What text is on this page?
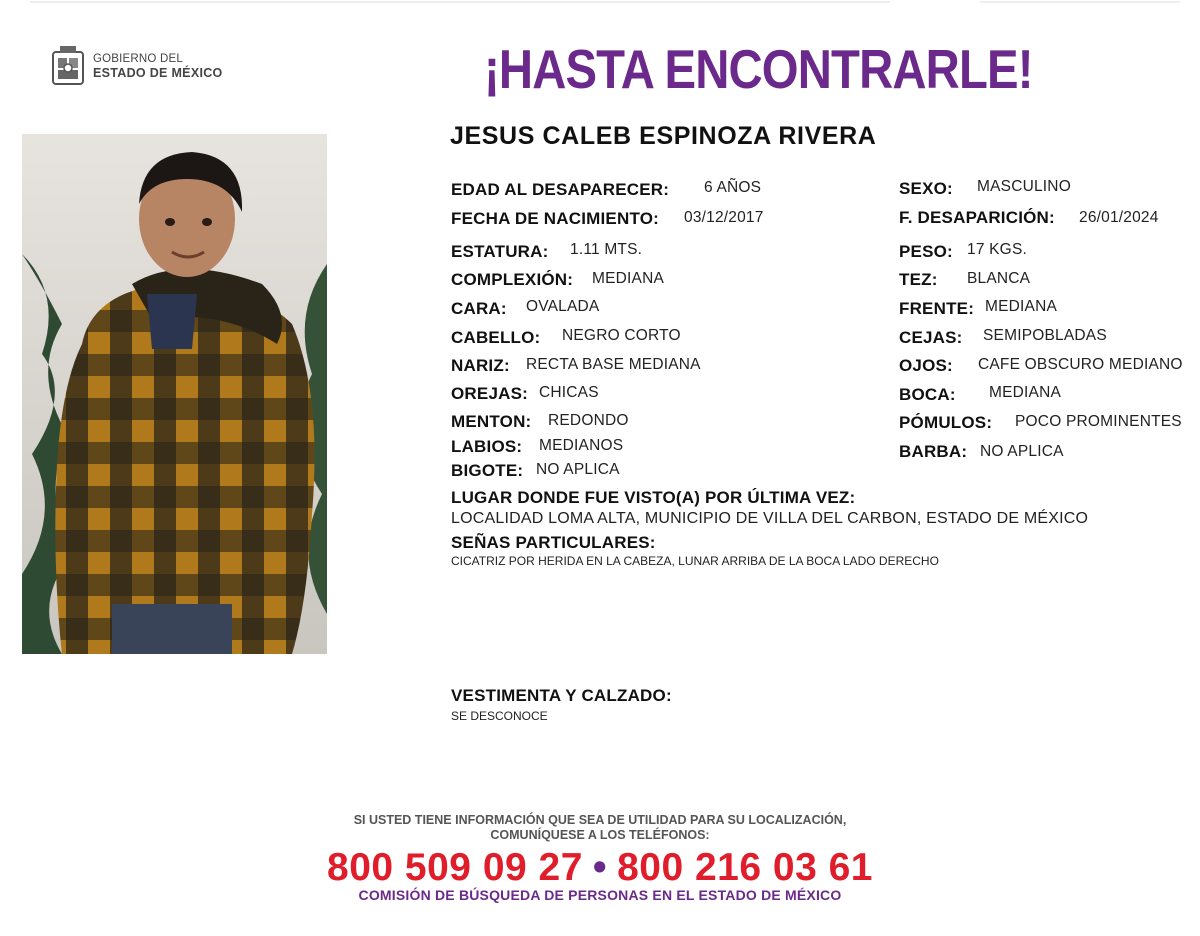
GOBIERNO DEL
ESTADO DE MÉXICO	¡HASTA ENCONTRARLE!
JESUS CALEB ESPINOZA RIVERA
EDAD AL DESAPARECER: 6 AÑOS
FECHA DE NACIMIENTO: 03/12/2017
ESTATURA: 1.11 MTS.
COMPLEXIÓN: MEDIANA
CARA: OVALADA
CABELLO: NEGRO CORTO
NARIZ: RECTA BASE MEDIANA
OREJAS: CHICAS
MENTON: REDONDO
LABIOS: MEDIANOS
BIGOTE: NO APLICA
SEXO: MASCULINO
F. DESAPARICIÓN: 26/01/2024
PESO: 17 KGS.
TEZ: BLANCA
FRENTE: MEDIANA
CEJAS: SEMIPOBLADAS
OJOS: CAFE OBSCURO MEDIANO
BOCA: MEDIANA
PÓMULOS: POCO PROMINENTES
BARBA: NO APLICA
LUGAR DONDE FUE VISTO(A) POR ÚLTIMA VEZ:
LOCALIDAD LOMA ALTA, MUNICIPIO DE VILLA DEL CARBON, ESTADO DE MÉXICO
SEÑAS PARTICULARES:
CICATRIZ POR HERIDA EN LA CABEZA, LUNAR ARRIBA DE LA BOCA LADO DERECHO
VESTIMENTA Y CALZADO:
SE DESCONOCE
SI USTED TIENE INFORMACIÓN QUE SEA DE UTILIDAD PARA SU LOCALIZACIÓN,
COMUNÍQUESE A LOS TELÉFONOS:
800 509 09 27 • 800 216 03 61
COMISIÓN DE BÚSQUEDA DE PERSONAS EN EL ESTADO DE MÉXICO
